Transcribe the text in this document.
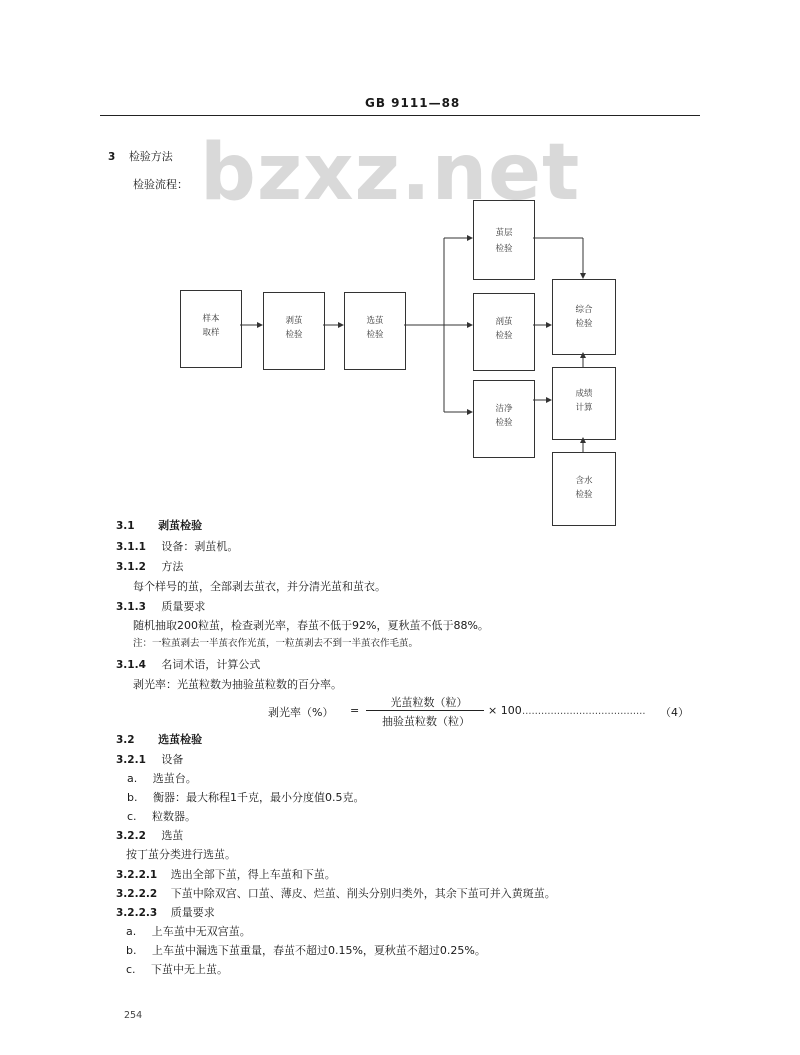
GB 9111—88
bzxz.net
3 检验方法
检验流程：
样本
取样
剥茧
检验
选茧
检验
茧层
检验
剖茧
检验
洁净
检验
综合
检验
成绩
计算
含水
检验
3.1 剥茧检验
3.1.1 设备：剥茧机。
3.1.2 方法
每个样号的茧，全部剥去茧衣，并分清光茧和茧衣。
3.1.3 质量要求
随机抽取200粒茧，检查剥光率，春茧不低于92%，夏秋茧不低于88%。
注：一粒茧剥去一半茧衣作光茧，一粒茧剥去不到一半茧衣作毛茧。
3.1.4 名词术语，计算公式
剥光率：光茧粒数为抽验茧粒数的百分率。
剥光率（%） =
光茧粒数（粒）
抽验茧粒数（粒）
× 100 ………………………………… （4）
3.2 选茧检验
3.2.1 设备
a. 选茧台。
b. 衡器：最大称程1千克，最小分度值0.5克。
c. 粒数器。
3.2.2 选茧
按丁茧分类进行选茧。
3.2.2.1 选出全部下茧，得上车茧和下茧。
3.2.2.2 下茧中除双宫、口茧、薄皮、烂茧、削头分别归类外，其余下茧可并入黄斑茧。
3.2.2.3 质量要求
a. 上车茧中无双宫茧。
b. 上车茧中漏选下茧重量，春茧不超过0.15%，夏秋茧不超过0.25%。
c. 下茧中无上茧。
254
